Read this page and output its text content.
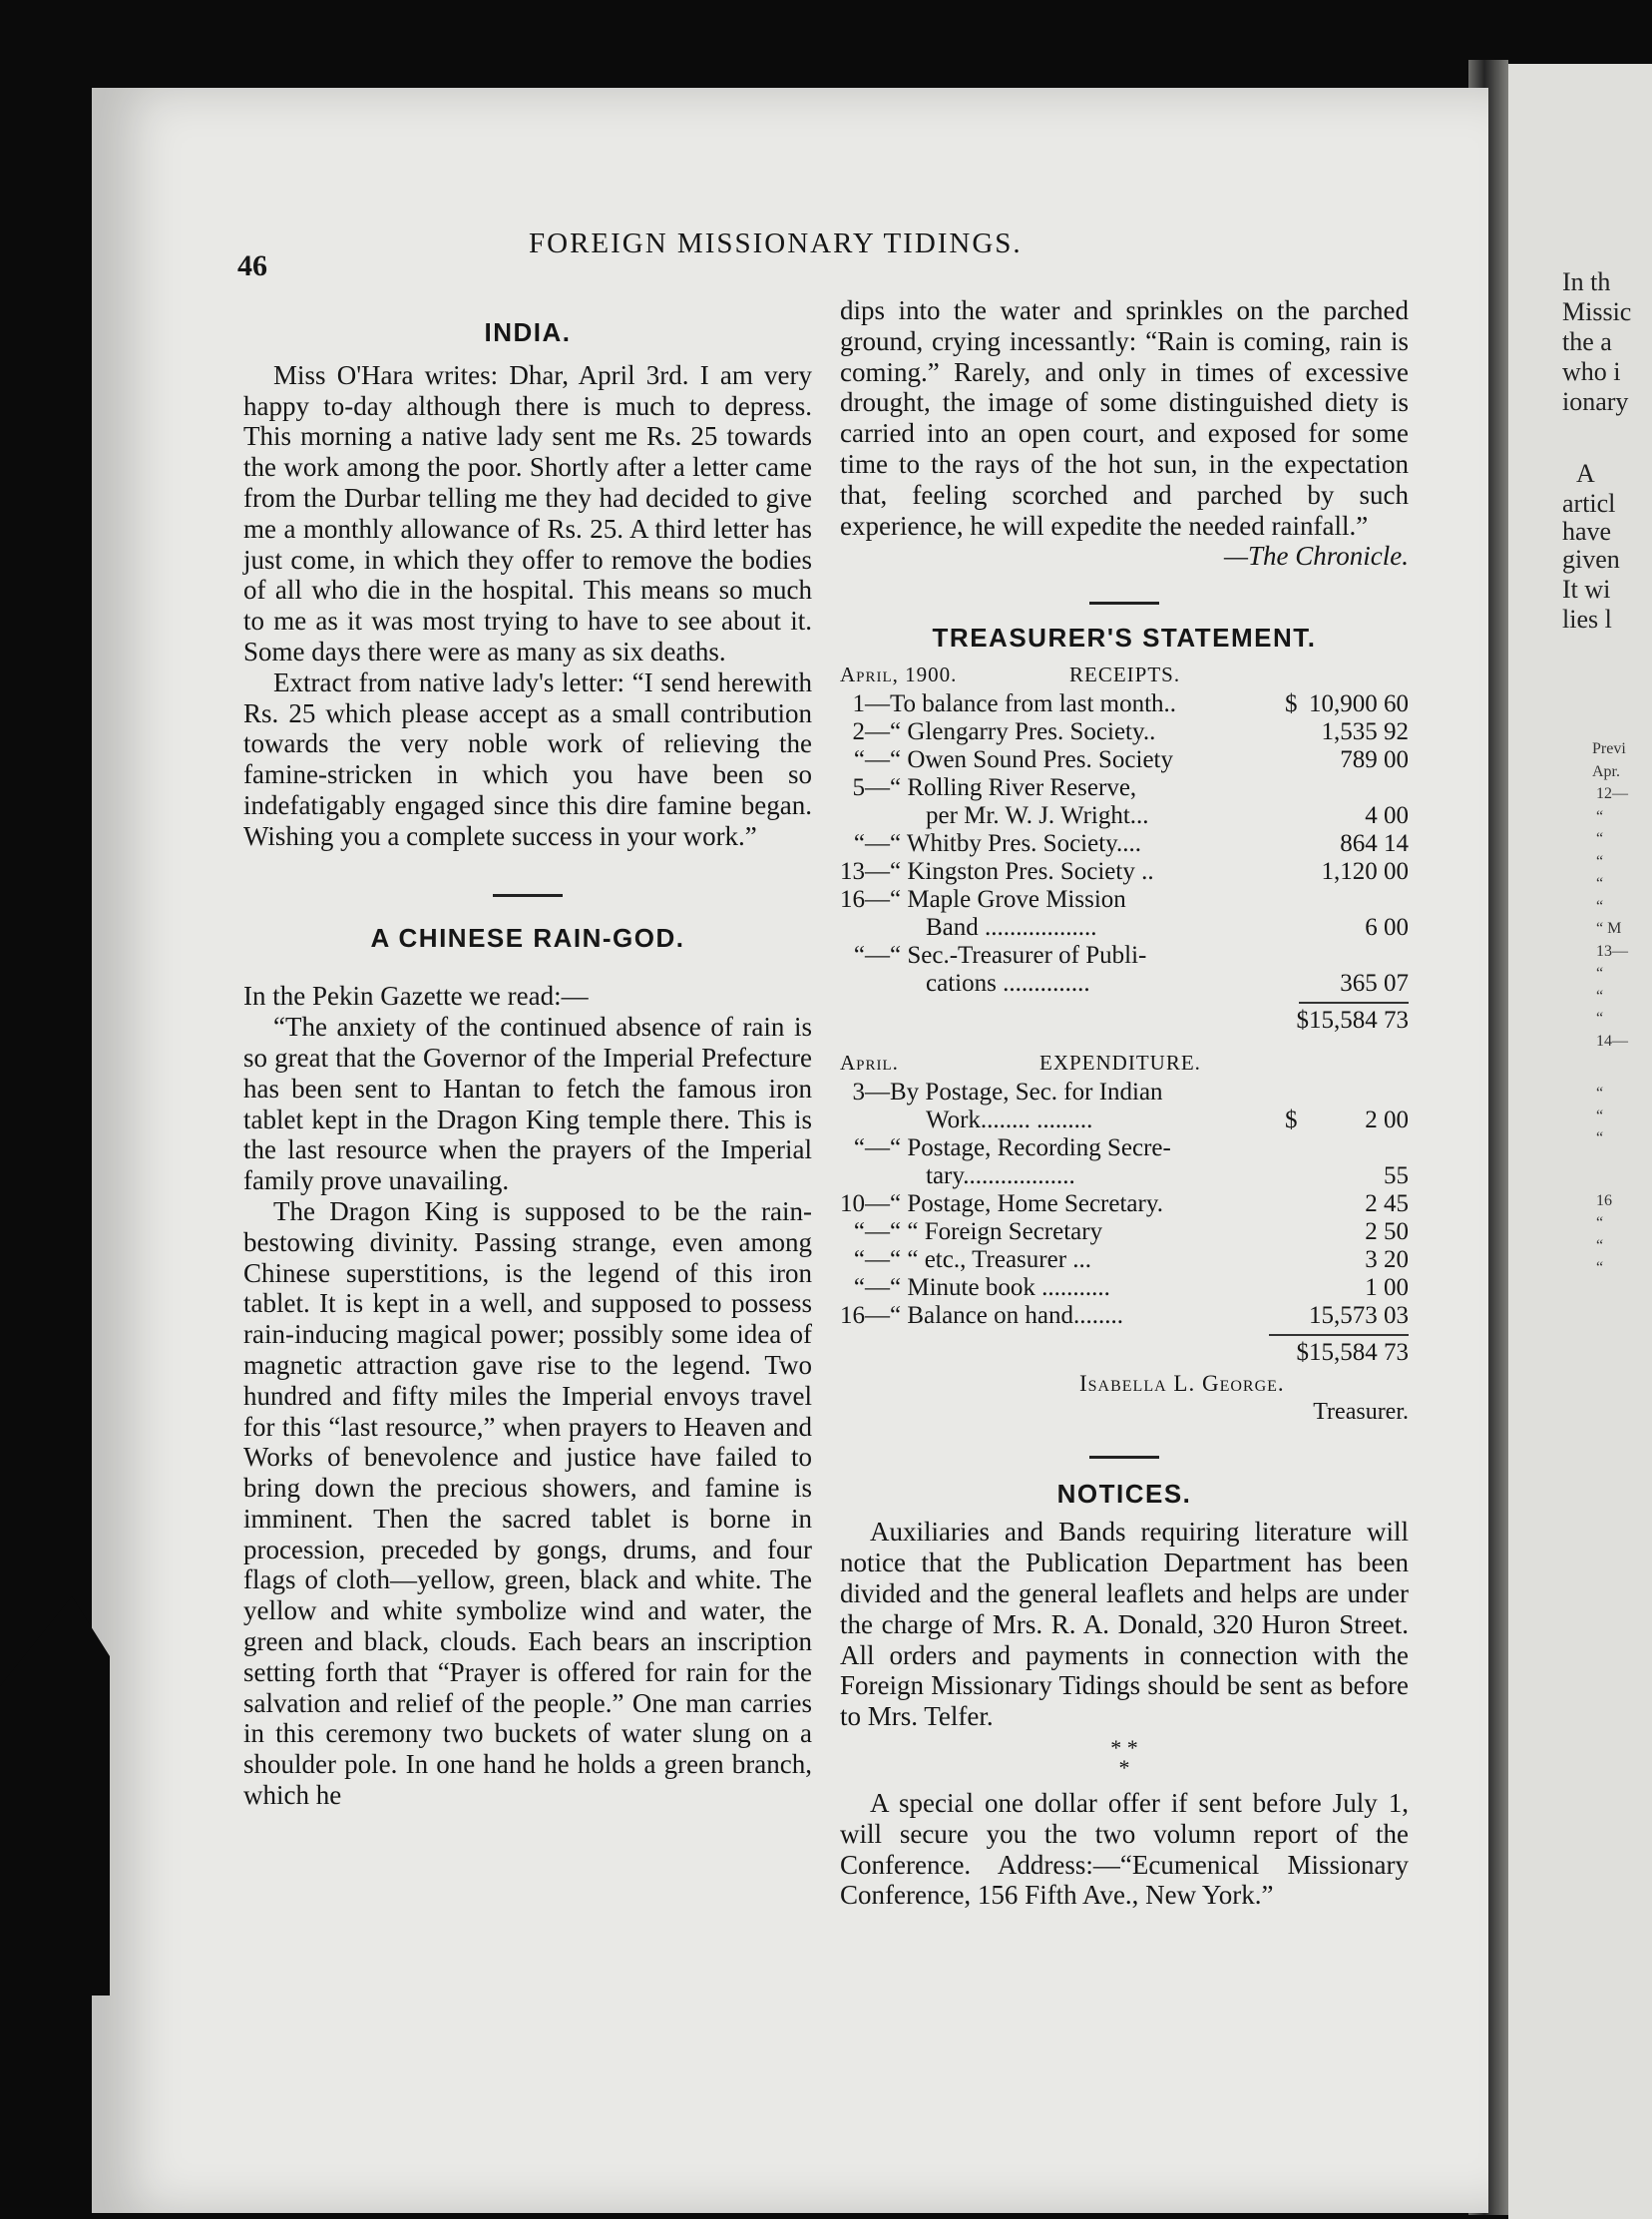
46
FOREIGN MISSIONARY TIDINGS.
INDIA.

Miss O'Hara writes: Dhar, April 3rd. I am very happy to-day although there is much to depress. This morning a native lady sent me Rs. 25 towards the work among the poor. Shortly after a letter came from the Durbar telling me they had decided to give me a monthly allowance of Rs. 25. A third letter has just come, in which they offer to remove the bodies of all who die in the hospital. This means so much to me as it was most trying to have to see about it. Some days there were as many as six deaths.

Extract from native lady's letter: “I send herewith Rs. 25 which please accept as a small contribution towards the very noble work of relieving the famine-stricken in which you have been so indefatigably engaged since this dire famine began. Wishing you a complete success in your work.”

A CHINESE RAIN-GOD.

In the Pekin Gazette we read:—

“The anxiety of the continued absence of rain is so great that the Governor of the Imperial Prefecture has been sent to Hantan to fetch the famous iron tablet kept in the Dragon King temple there. This is the last resource when the prayers of the Imperial family prove unavailing.

The Dragon King is supposed to be the rain-bestowing divinity. Passing strange, even among Chinese superstitions, is the legend of this iron tablet. It is kept in a well, and supposed to possess rain-inducing magical power; possibly some idea of magnetic attraction gave rise to the legend. Two hundred and fifty miles the Imperial envoys travel for this “last resource,” when prayers to Heaven and Works of benevolence and justice have failed to bring down the precious showers, and famine is imminent. Then the sacred tablet is borne in procession, preceded by gongs, drums, and four flags of cloth—yellow, green, black and white. The yellow and white symbolize wind and water, the green and black, clouds. Each bears an inscription setting forth that “Prayer is offered for rain for the salvation and relief of the people.” One man carries in this ceremony two buckets of water slung on a shoulder pole. In one hand he holds a green branch, which he

dips into the water and sprinkles on the parched ground, crying incessantly: “Rain is coming, rain is coming.” Rarely, and only in times of excessive drought, the image of some distinguished diety is carried into an open court, and exposed for some time to the rays of the hot sun, in the expectation that, feeling scorched and parched by such experience, he will expedite the needed rainfall.”

—The Chronicle.
TREASURER'S STATEMENT.
April, 1900.	RECEIPTS.
1—	To balance from last month..	$	10,900 60
2—	“ Glengarry Pres. Society..		1,535 92
“—	“ Owen Sound Pres. Society		789 00
5—	“ Rolling River Reserve,		
	per Mr. W. J. Wright...		4 00
“—	“ Whitby Pres. Society....		864 14
13—	“ Kingston Pres. Society ..		1,120 00
16—	“ Maple Grove Mission		
	Band ..................		6 00
“—	“ Sec.-Treasurer of Publi-		
	cations ..............		365 07
$15,584 73
April.	EXPENDITURE.
3—	By Postage, Sec. for Indian		
	Work........ .........	$	2 00
“—	“ Postage, Recording Secre-		
	tary..................		55
10—	“ Postage, Home Secretary.		2 45
“—	“ “ Foreign Secretary		2 50
“—	“ “ etc., Treasurer ...		3 20
“—	“ Minute book ...........		1 00
16—	“ Balance on hand........		15,573 03
$15,584 73
Isabella L. George.
Treasurer.
NOTICES.

Auxiliaries and Bands requiring literature will notice that the Publication Department has been divided and the general leaflets and helps are under the charge of Mrs. R. A. Donald, 320 Huron Street. All orders and payments in connection with the Foreign Missionary Tidings should be sent as before to Mrs. Telfer.

* *
*

A special one dollar offer if sent before July 1, will secure you the two volumn report of the Conference. Address:—“Ecumenical Missionary Conference, 156 Fifth Ave., New York.”

In th
Missic
the a
who i
ionary
A
articl
have
given
It wi
lies l
Previ
Apr.
12—
“
“
“
“
“
“ M
13—
“
“
“
14—
“
“
“
16
“
“
“
